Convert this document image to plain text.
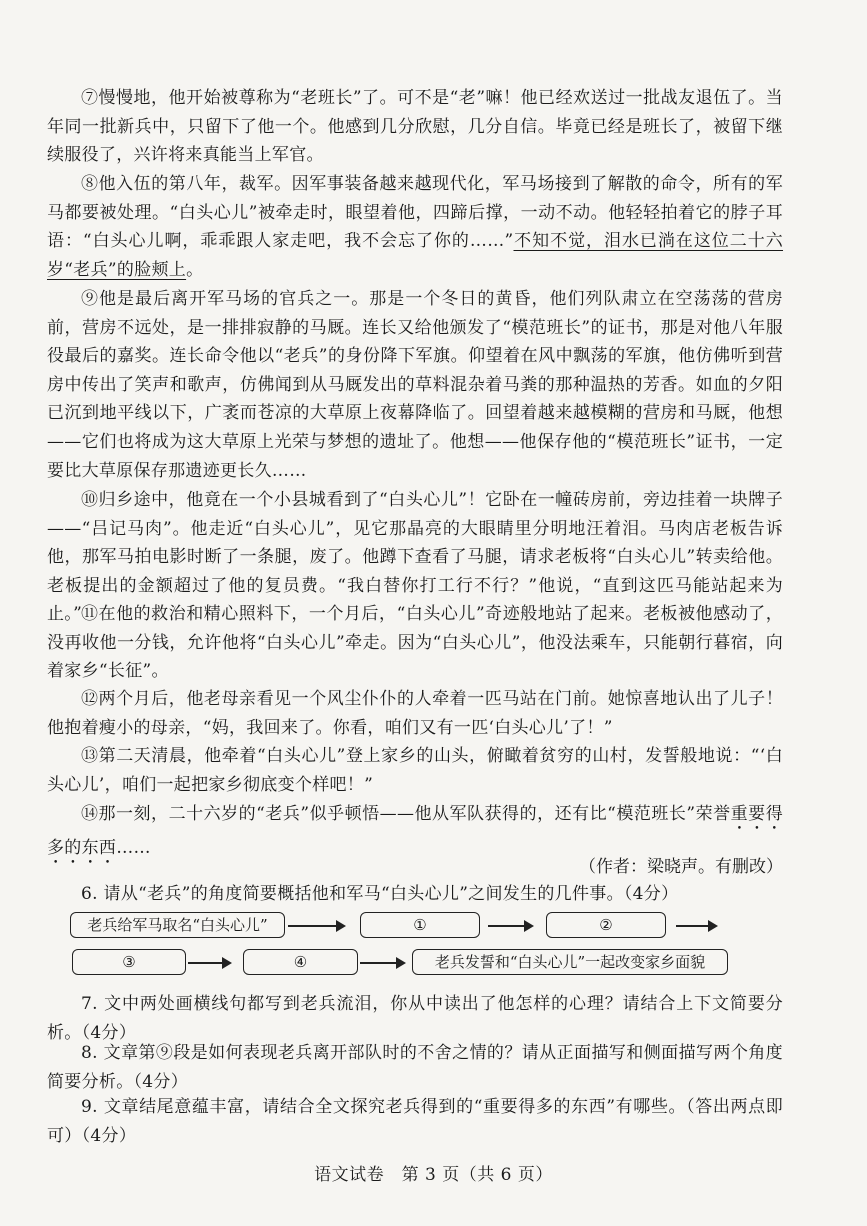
⑦慢慢地，他开始被尊称为“老班长”了。可不是“老”嘛！他已经欢送过一批战友退伍了。当年同一批新兵中，只留下了他一个。他感到几分欣慰，几分自信。毕竟已经是班长了，被留下继续服役了，兴许将来真能当上军官。

⑧他入伍的第八年，裁军。因军事装备越来越现代化，军马场接到了解散的命令，所有的军马都要被处理。“白头心儿”被牵走时，眼望着他，四蹄后撑，一动不动。他轻轻拍着它的脖子耳语：“白头心儿啊，乖乖跟人家走吧，我不会忘了你的……”不知不觉，泪水已淌在这位二十六岁“老兵”的脸颊上。

⑨他是最后离开军马场的官兵之一。那是一个冬日的黄昏，他们列队肃立在空荡荡的营房前，营房不远处，是一排排寂静的马厩。连长又给他颁发了“模范班长”的证书，那是对他八年服役最后的嘉奖。连长命令他以“老兵”的身份降下军旗。仰望着在风中飘荡的军旗，他仿佛听到营房中传出了笑声和歌声，仿佛闻到从马厩发出的草料混杂着马粪的那种温热的芳香。如血的夕阳已沉到地平线以下，广袤而苍凉的大草原上夜幕降临了。回望着越来越模糊的营房和马厩，他想——它们也将成为这大草原上光荣与梦想的遗址了。他想——他保存他的“模范班长”证书，一定要比大草原保存那遗迹更长久……

⑩归乡途中，他竟在一个小县城看到了“白头心儿”！它卧在一幢砖房前，旁边挂着一块牌子——“吕记马肉”。他走近“白头心儿”，见它那晶亮的大眼睛里分明地汪着泪。马肉店老板告诉他，那军马拍电影时断了一条腿，废了。他蹲下查看了马腿，请求老板将“白头心儿”转卖给他。老板提出的金额超过了他的复员费。“我白替你打工行不行？”他说，“直到这匹马能站起来为止。”

⑪在他的救治和精心照料下，一个月后，“白头心儿”奇迹般地站了起来。老板被他感动了，没再收他一分钱，允许他将“白头心儿”牵走。因为“白头心儿”，他没法乘车，只能朝行暮宿，向着家乡“长征”。

⑫两个月后，他老母亲看见一个风尘仆仆的人牵着一匹马站在门前。她惊喜地认出了儿子！他抱着瘦小的母亲，“妈，我回来了。你看，咱们又有一匹‘白头心儿’了！”

⑬第二天清晨，他牵着“白头心儿”登上家乡的山头，俯瞰着贫穷的山村，发誓般地说：“‘白头心儿’，咱们一起把家乡彻底变个样吧！”

⑭那一刻，二十六岁的“老兵”似乎顿悟——他从军队获得的，还有比“模范班长”荣誉重要得多的东西……

（作者：梁晓声。有删改）

6. 请从“老兵”的角度简要概括他和军马“白头心儿”之间发生的几件事。（4分）

老兵给军马取名“白头心儿”	①	②
③	④	老兵发誓和“白头心儿”一起改变家乡面貌

7. 文中两处画横线句都写到老兵流泪，你从中读出了他怎样的心理？请结合上下文简要分析。（4分）

8. 文章第⑨段是如何表现老兵离开部队时的不舍之情的？请从正面描写和侧面描写两个角度简要分析。（4分）

9. 文章结尾意蕴丰富，请结合全文探究老兵得到的“重要得多的东西”有哪些。（答出两点即可）（4分）

语文试卷　第 3 页（共 6 页）
